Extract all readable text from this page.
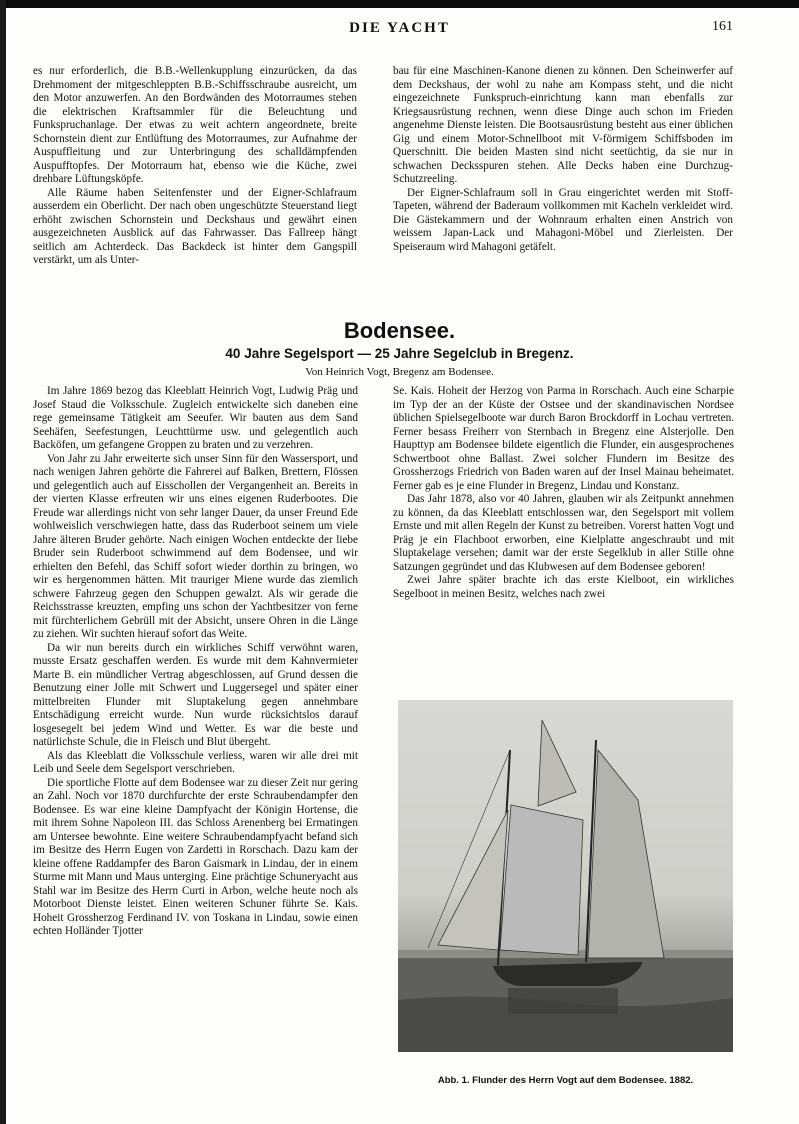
DIE YACHT	161

es nur erforderlich, die B.B.-Wellenkupplung einzurücken, da das Drehmoment der mitgeschleppten B.B.-Schiffsschraube ausreicht, um den Motor anzuwerfen. An den Bordwänden des Motorraumes stehen die elektrischen Kraftsammler für die Beleuchtung und Funkspruchanlage. Der etwas zu weit achtern angeordnete, breite Schornstein dient zur Entlüftung des Motorraumes, zur Aufnahme der Auspuffleitung und zur Unterbringung des schalldämpfenden Auspufftopfes. Der Motorraum hat, ebenso wie die Küche, zwei drehbare Lüftungsköpfe.

Alle Räume haben Seitenfenster und der Eigner-Schlafraum ausserdem ein Oberlicht. Der nach oben ungeschützte Steuerstand liegt erhöht zwischen Schornstein und Deckshaus und gewährt einen ausgezeichneten Ausblick auf das Fahrwasser. Das Fallreep hängt seitlich am Achterdeck. Das Backdeck ist hinter dem Gangspill verstärkt, um als Unter-

bau für eine Maschinen-Kanone dienen zu können. Den Scheinwerfer auf dem Deckshaus, der wohl zu nahe am Kompass steht, und die nicht eingezeichnete Funkspruch-einrichtung kann man ebenfalls zur Kriegsausrüstung rechnen, wenn diese Dinge auch schon im Frieden angenehme Dienste leisten. Die Bootsausrüstung besteht aus einer üblichen Gig und einem Motor-Schnellboot mit V-förmigem Schiffsboden im Querschnitt. Die beiden Masten sind nicht seetüchtig, da sie nur in schwachen Decksspuren stehen. Alle Decks haben eine Durchzug-Schutzreeling.

Der Eigner-Schlafraum soll in Grau eingerichtet werden mit Stoff-Tapeten, während der Baderaum vollkommen mit Kacheln verkleidet wird. Die Gästekammern und der Wohnraum erhalten einen Anstrich von weissem Japan-Lack und Mahagoni-Möbel und Zierleisten. Der Speiseraum wird Mahagoni getäfelt.

Bodensee.
40 Jahre Segelsport — 25 Jahre Segelclub in Bregenz.
Von Heinrich Vogt, Bregenz am Bodensee.

Im Jahre 1869 bezog das Kleeblatt Heinrich Vogt, Ludwig Präg und Josef Staud die Volksschule. Zugleich entwickelte sich daneben eine rege gemeinsame Tätigkeit am Seeufer. Wir bauten aus dem Sand Seehäfen, Seefestungen, Leuchttürme usw. und gelegentlich auch Backöfen, um gefangene Groppen zu braten und zu verzehren.

Von Jahr zu Jahr erweiterte sich unser Sinn für den Wassersport, und nach wenigen Jahren gehörte die Fahrerei auf Balken, Brettern, Flössen und gelegentlich auch auf Eisschollen der Vergangenheit an. Bereits in der vierten Klasse erfreuten wir uns eines eigenen Ruderbootes. Die Freude war allerdings nicht von sehr langer Dauer, da unser Freund Ede wohlweislich verschwiegen hatte, dass das Ruderboot seinem um viele Jahre älteren Bruder gehörte. Nach einigen Wochen entdeckte der liebe Bruder sein Ruderboot schwimmend auf dem Bodensee, und wir erhielten den Befehl, das Schiff sofort wieder dorthin zu bringen, wo wir es hergenommen hätten. Mit trauriger Miene wurde das ziemlich schwere Fahrzeug gegen den Schuppen gewalzt. Als wir gerade die Reichsstrasse kreuzten, empfing uns schon der Yachtbesitzer von ferne mit fürchterlichem Gebrüll mit der Absicht, unsere Ohren in die Länge zu ziehen. Wir suchten hierauf sofort das Weite.

Da wir nun bereits durch ein wirkliches Schiff verwöhnt waren, musste Ersatz geschaffen werden. Es wurde mit dem Kahnvermieter Marte B. ein mündlicher Vertrag abgeschlossen, auf Grund dessen die Benutzung einer Jolle mit Schwert und Luggersegel und später einer mittelbreiten Flunder mit Sluptakelung gegen annehmbare Entschädigung erreicht wurde. Nun wurde rücksichtslos darauf losgesegelt bei jedem Wind und Wetter. Es war die beste und natürlichste Schule, die in Fleisch und Blut übergeht.

Als das Kleeblatt die Volksschule verliess, waren wir alle drei mit Leib und Seele dem Segelsport verschrieben.

Die sportliche Flotte auf dem Bodensee war zu dieser Zeit nur gering an Zahl. Noch vor 1870 durchfurchte der erste Schraubendampfer den Bodensee. Es war eine kleine Dampfyacht der Königin Hortense, die mit ihrem Sohne Napoleon III. das Schloss Arenenberg bei Ermatingen am Untersee bewohnte. Eine weitere Schraubendampfyacht befand sich im Besitze des Herrn Eugen von Zardetti in Rorschach. Dazu kam der kleine offene Raddampfer des Baron Gaismark in Lindau, der in einem Sturme mit Mann und Maus unterging. Eine prächtige Schuneryacht aus Stahl war im Besitze des Herrn Curti in Arbon, welche heute noch als Motorboot Dienste leistet. Einen weiteren Schuner führte Se. Kais. Hoheit Grossherzog Ferdinand IV. von Toskana in Lindau, sowie einen echten Holländer Tjotter

Se. Kais. Hoheit der Herzog von Parma in Rorschach. Auch eine Scharpie im Typ der an der Küste der Ostsee und der skandinavischen Nordsee üblichen Spielsegelboote war durch Baron Brockdorff in Lochau vertreten. Ferner besass Freiherr von Sternbach in Bregenz eine Alsterjolle. Den Haupttyp am Bodensee bildete eigentlich die Flunder, ein ausgesprochenes Schwertboot ohne Ballast. Zwei solcher Flundern im Besitze des Grossherzogs Friedrich von Baden waren auf der Insel Mainau beheimatet. Ferner gab es je eine Flunder in Bregenz, Lindau und Konstanz.

Das Jahr 1878, also vor 40 Jahren, glauben wir als Zeitpunkt annehmen zu können, da das Kleeblatt entschlossen war, den Segelsport mit vollem Ernste und mit allen Regeln der Kunst zu betreiben. Vorerst hatten Vogt und Präg je ein Flachboot erworben, eine Kielplatte angeschraubt und mit Sluptakelage versehen; damit war der erste Segelklub in aller Stille ohne Satzungen gegründet und das Klubwesen auf dem Bodensee geboren!

Zwei Jahre später brachte ich das erste Kielboot, ein wirkliches Segelboot in meinen Besitz, welches nach zwei

Abb. 1. Flunder des Herrn Vogt auf dem Bodensee. 1882.
